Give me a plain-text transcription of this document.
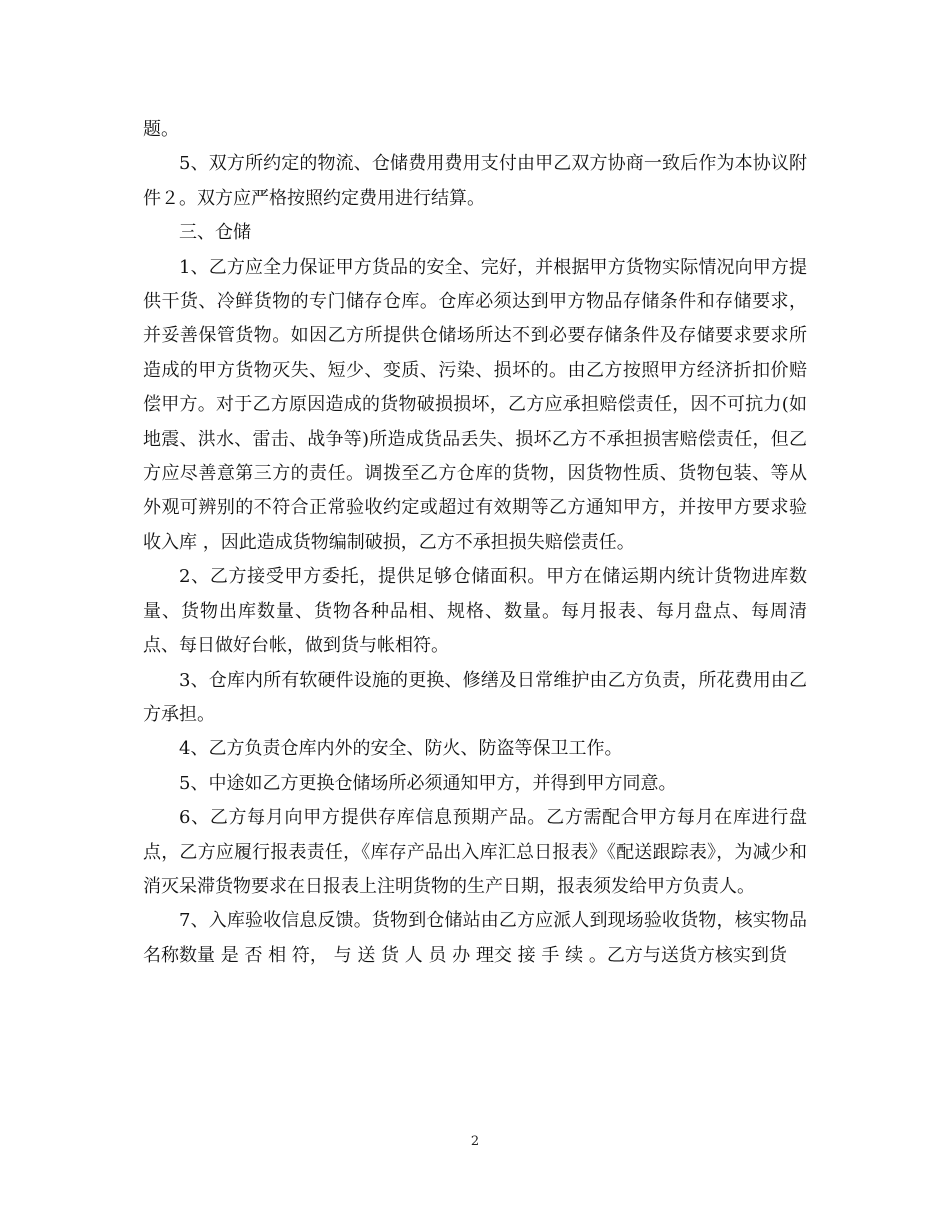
题。

5、双方所约定的物流、仓储费用费用支付由甲乙双方协商一致后作为本协议附件２。双方应严格按照约定费用进行结算。

三、仓储

1、乙方应全力保证甲方货品的安全、完好，并根据甲方货物实际情况向甲方提供干货、冷鲜货物的专门储存仓库。仓库必须达到甲方物品存储条件和存储要求，并妥善保管货物。如因乙方所提供仓储场所达不到必要存储条件及存储要求要求所造成的甲方货物灭失、短少、变质、污染、损坏的。由乙方按照甲方经济折扣价赔偿甲方。对于乙方原因造成的货物破损损坏，乙方应承担赔偿责任，因不可抗力(如地震、洪水、雷击、战争等)所造成货品丢失、损坏乙方不承担损害赔偿责任，但乙方应尽善意第三方的责任。调拨至乙方仓库的货物，因货物性质、货物包装、等从外观可辨别的不符合正常验收约定或超过有效期等乙方通知甲方，并按甲方要求验收入库 ，因此造成货物编制破损，乙方不承担损失赔偿责任。

2、乙方接受甲方委托，提供足够仓储面积。甲方在储运期内统计货物进库数量、货物出库数量、货物各种品相、规格、数量。每月报表、每月盘点、每周清点、每日做好台帐，做到货与帐相符。

3、仓库内所有软硬件设施的更换、修缮及日常维护由乙方负责，所花费用由乙方承担。

4、乙方负责仓库内外的安全、防火、防盗等保卫工作。

5、中途如乙方更换仓储场所必须通知甲方，并得到甲方同意。

6、乙方每月向甲方提供存库信息预期产品。乙方需配合甲方每月在库进行盘点，乙方应履行报表责任，《库存产品出入库汇总日报表》《配送跟踪表》，为减少和消灭呆滞货物要求在日报表上注明货物的生产日期，报表须发给甲方负责人。

7、入库验收信息反馈。货物到仓储站由乙方应派人到现场验收货物，核实物品名称数量 是 否 相 符， 与 送 货 人 员 办 理交 接 手 续 。乙方与送货方核实到货

2
